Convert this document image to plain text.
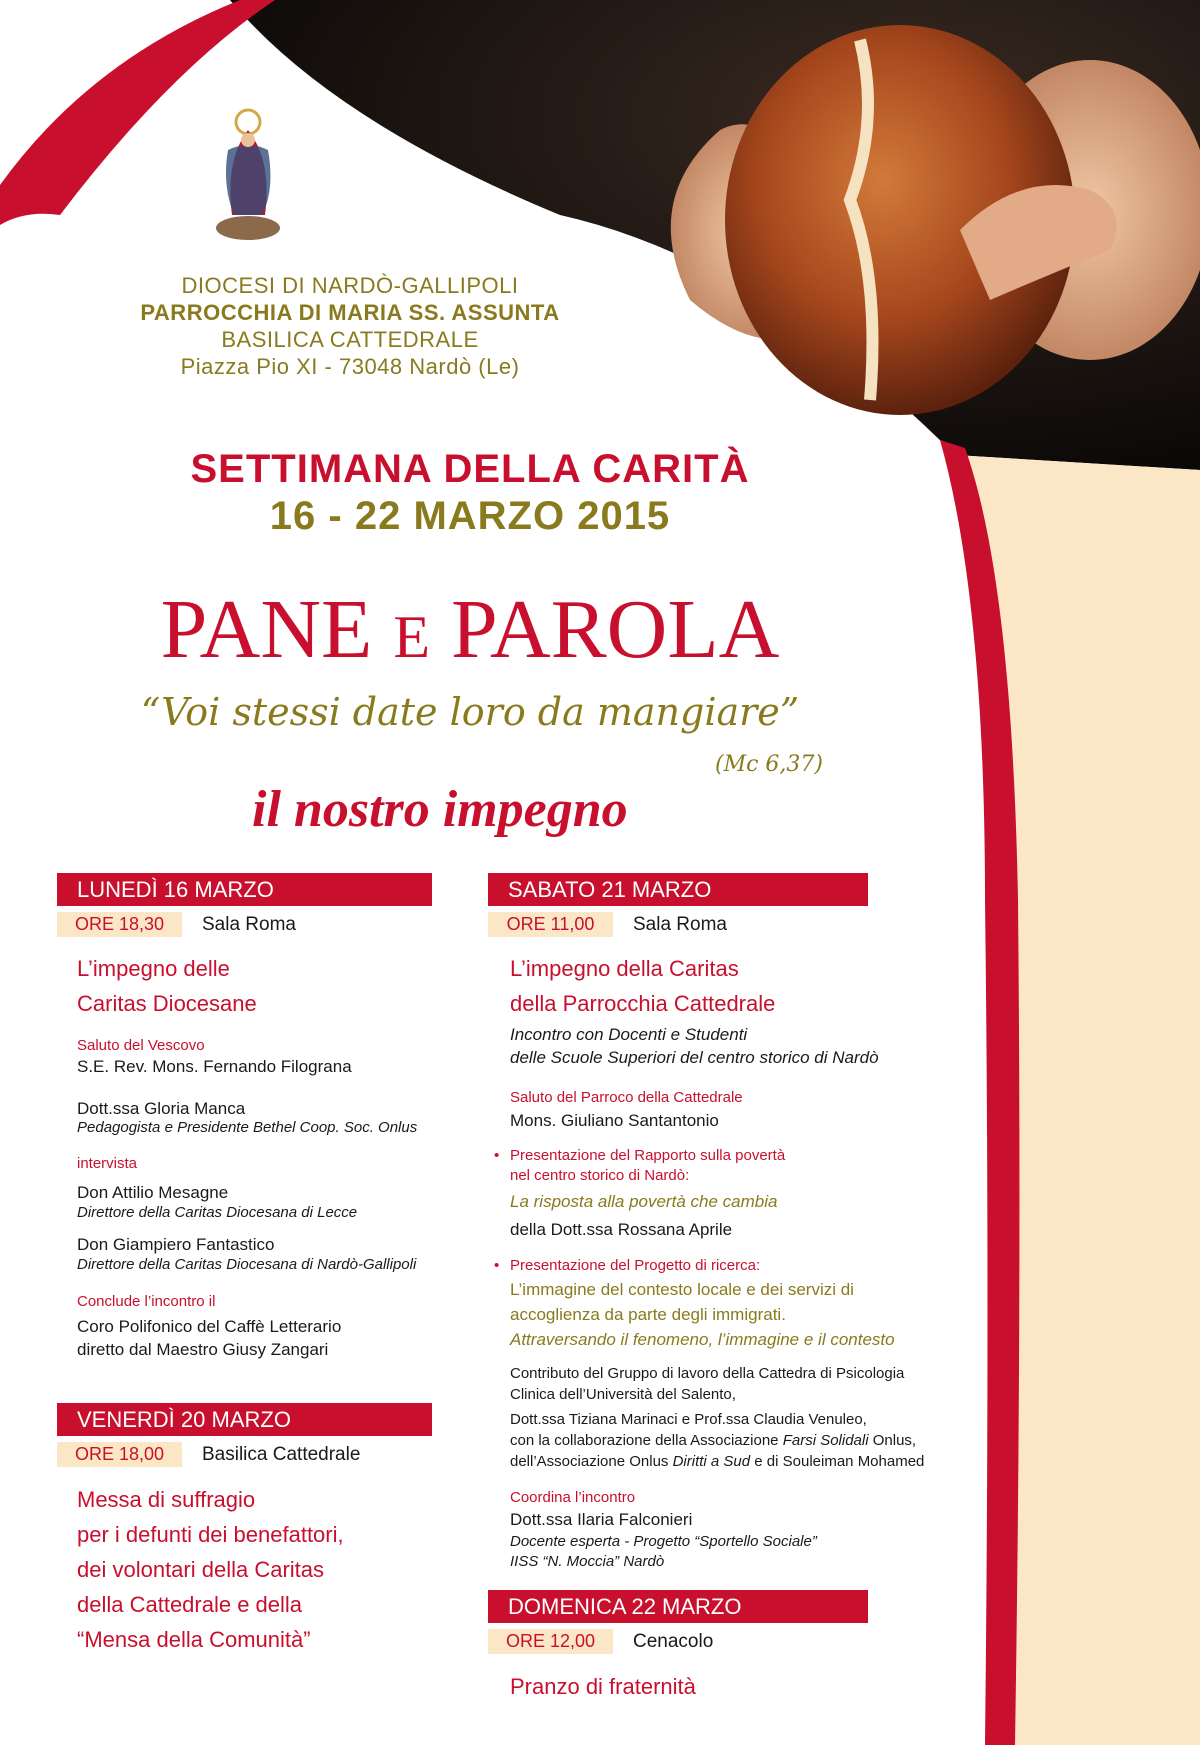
DIOCESI DI NARDÒ-GALLIPOLI
PARROCCHIA DI MARIA SS. ASSUNTA
BASILICA CATTEDRALE
Piazza Pio XI - 73048 Nardò (Le)
SETTIMANA DELLA CARITÀ
16 - 22 MARZO 2015
PANE E PAROLA
“Voi stessi date loro da mangiare”
(Mc 6,37)
il nostro impegno
LUNEDÌ 16 MARZO
ORE 18,30	Sala Roma
L’impegno delle
Caritas Diocesane
Saluto del Vescovo
S.E. Rev. Mons. Fernando Filograna
Dott.ssa Gloria Manca
Pedagogista e Presidente Bethel Coop. Soc. Onlus
intervista
Don Attilio Mesagne
Direttore della Caritas Diocesana di Lecce
Don Giampiero Fantastico
Direttore della Caritas Diocesana di Nardò-Gallipoli
Conclude l’incontro il
Coro Polifonico del Caffè Letterario
diretto dal Maestro Giusy Zangari
VENERDÌ 20 MARZO
ORE 18,00	Basilica Cattedrale
Messa di suffragio
per i defunti dei benefattori,
dei volontari della Caritas
della Cattedrale e della
“Mensa della Comunità”
SABATO 21 MARZO
ORE 11,00	Sala Roma
L’impegno della Caritas
della Parrocchia Cattedrale
Incontro con Docenti e Studenti
delle Scuole Superiori del centro storico di Nardò
Saluto del Parroco della Cattedrale
Mons. Giuliano Santantonio
• Presentazione del Rapporto sulla povertà
nel centro storico di Nardò:
La risposta alla povertà che cambia
della Dott.ssa Rossana Aprile
• Presentazione del Progetto di ricerca:
L’immagine del contesto locale e dei servizi di
accoglienza da parte degli immigrati.
Attraversando il fenomeno, l’immagine e il contesto
Contributo del Gruppo di lavoro della Cattedra di Psicologia
Clinica dell’Università del Salento,
Dott.ssa Tiziana Marinaci e Prof.ssa Claudia Venuleo,
con la collaborazione della Associazione Farsi Solidali Onlus,
dell’Associazione Onlus Diritti a Sud e di Souleiman Mohamed
Coordina l’incontro
Dott.ssa Ilaria Falconieri
Docente esperta - Progetto “Sportello Sociale”
IISS “N. Moccia” Nardò
DOMENICA 22 MARZO
ORE 12,00	Cenacolo
Pranzo di fraternità
